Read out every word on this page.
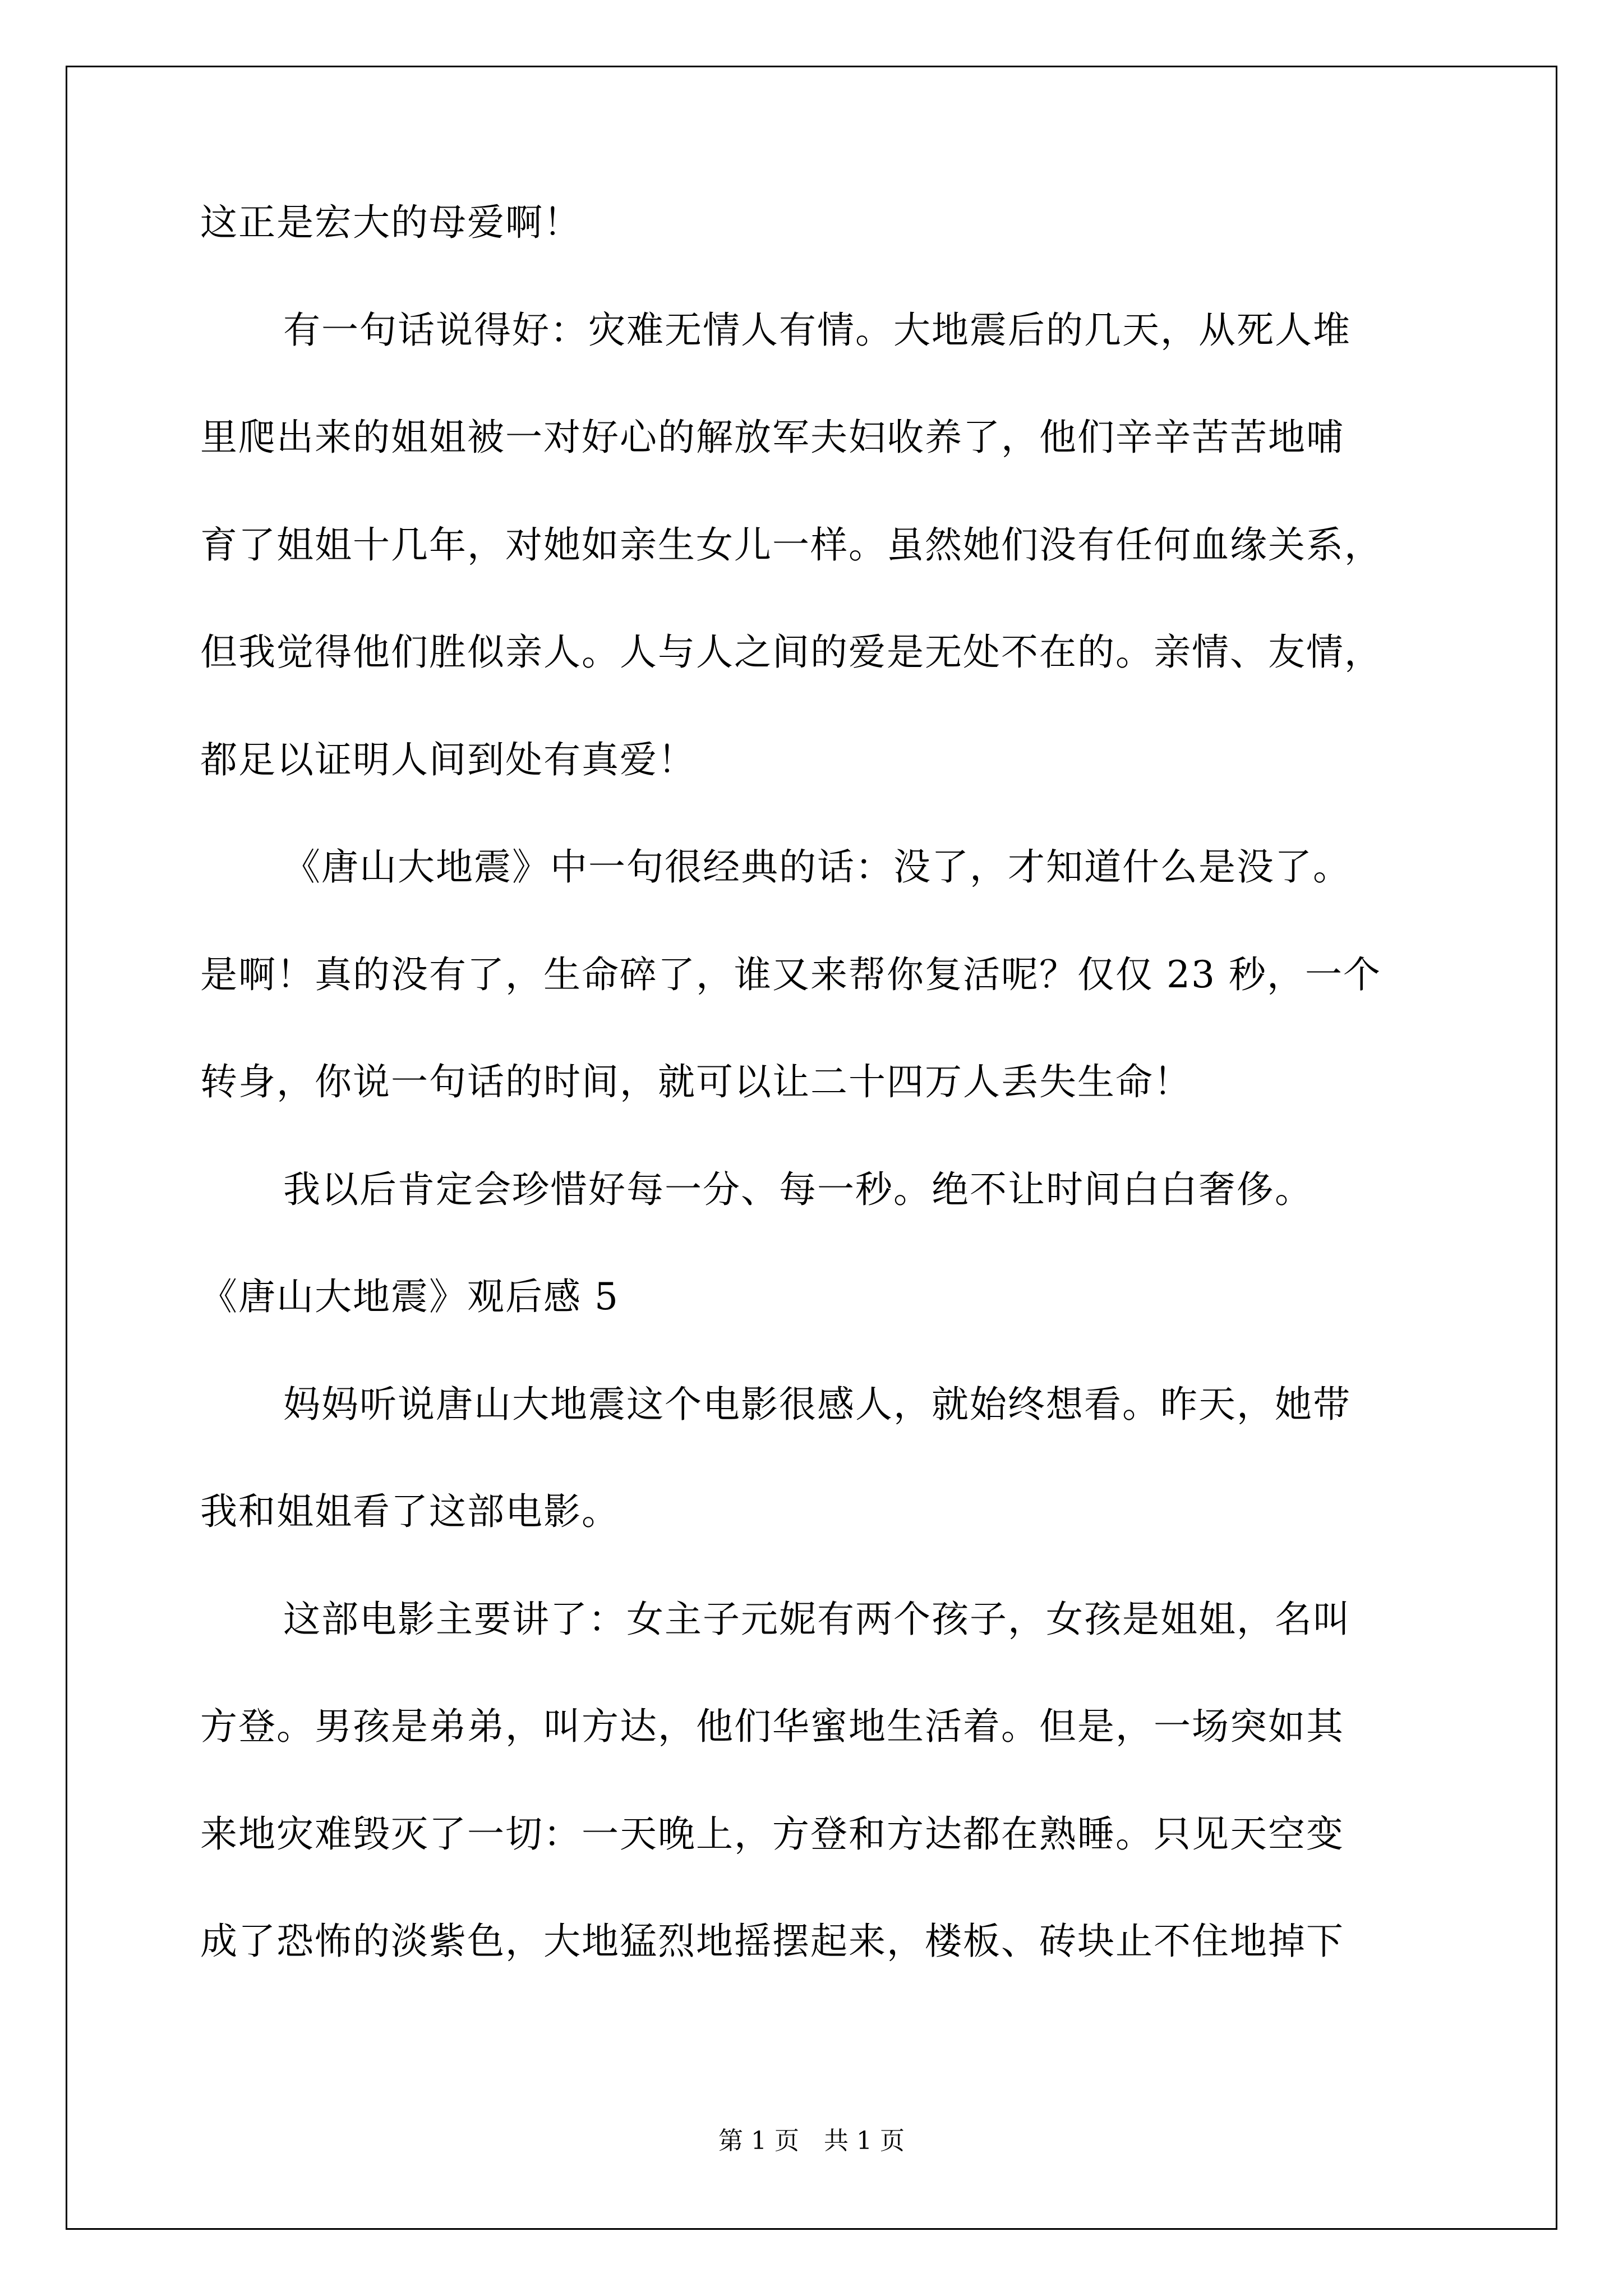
这正是宏大的母爱啊！

有一句话说得好：灾难无情人有情。大地震后的几天，从死人堆

里爬出来的姐姐被一对好心的解放军夫妇收养了，他们辛辛苦苦地哺

育了姐姐十几年，对她如亲生女儿一样。虽然她们没有任何血缘关系，

但我觉得他们胜似亲人。人与人之间的爱是无处不在的。亲情、友情，

都足以证明人间到处有真爱！

《唐山大地震》中一句很经典的话：没了，才知道什么是没了。

是啊！真的没有了，生命碎了，谁又来帮你复活呢？仅仅 23 秒，一个

转身，你说一句话的时间，就可以让二十四万人丢失生命！

我以后肯定会珍惜好每一分、每一秒。绝不让时间白白奢侈。

《唐山大地震》观后感 5

妈妈听说唐山大地震这个电影很感人，就始终想看。昨天，她带

我和姐姐看了这部电影。

这部电影主要讲了：女主子元妮有两个孩子，女孩是姐姐，名叫

方登。男孩是弟弟，叫方达，他们华蜜地生活着。但是，一场突如其

来地灾难毁灭了一切：一天晚上，方登和方达都在熟睡。只见天空变

成了恐怖的淡紫色，大地猛烈地摇摆起来，楼板、砖块止不住地掉下

第 1 页　共 1 页
